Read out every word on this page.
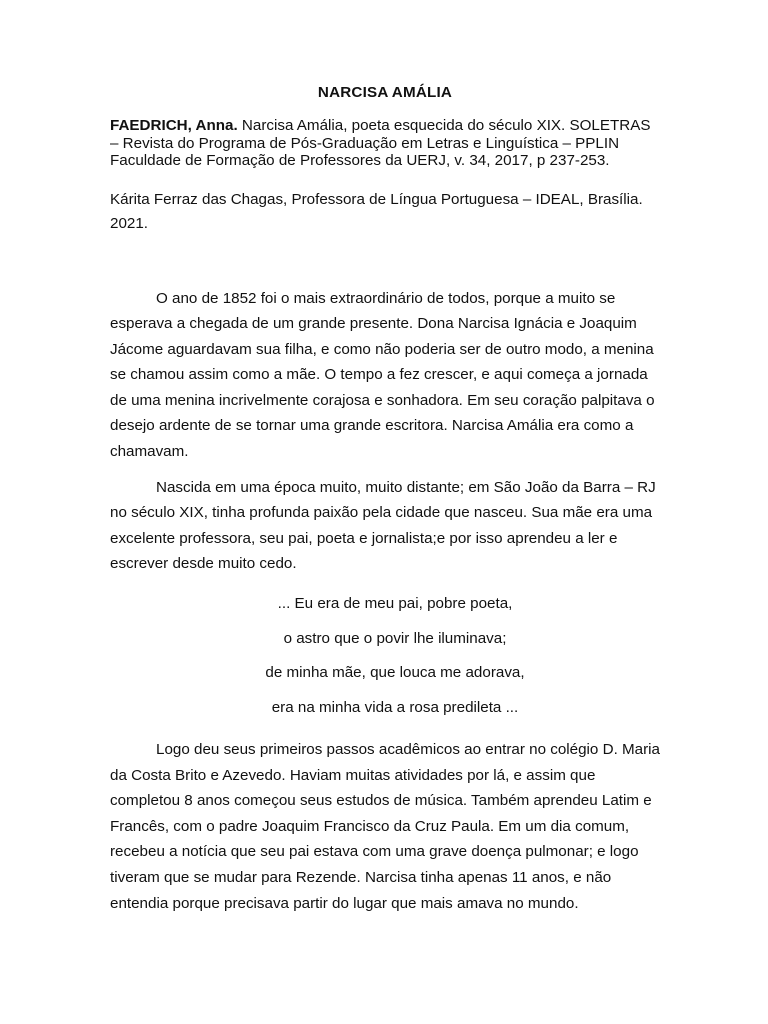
NARCISA AMÁLIA
FAEDRICH, Anna. Narcisa Amália, poeta esquecida do século XIX. SOLETRAS – Revista do Programa de Pós-Graduação em Letras e Linguística – PPLIN Faculdade de Formação de Professores da UERJ, v. 34, 2017, p 237-253.
Kárita Ferraz das Chagas, Professora de Língua Portuguesa – IDEAL, Brasília.
2021.

O ano de 1852 foi o mais extraordinário de todos, porque a muito se esperava a chegada de um grande presente. Dona Narcisa Ignácia e Joaquim Jácome aguardavam sua filha, e como não poderia ser de outro modo, a menina se chamou assim como a mãe. O tempo a fez crescer, e aqui começa a jornada de uma menina incrivelmente corajosa e sonhadora. Em seu coração palpitava o desejo ardente de se tornar uma grande escritora. Narcisa Amália era como a chamavam.

Nascida em uma época muito, muito distante; em São João da Barra – RJ no século XIX, tinha profunda paixão pela cidade que nasceu. Sua mãe era uma excelente professora, seu pai, poeta e jornalista;e por isso aprendeu a ler e escrever desde muito cedo.

... Eu era de meu pai, pobre poeta,
o astro que o povir lhe iluminava;
de minha mãe, que louca me adorava,
era na minha vida a rosa predileta ...

Logo deu seus primeiros passos acadêmicos ao entrar no colégio D. Maria da Costa Brito e Azevedo. Haviam muitas atividades por lá, e assim que completou 8 anos começou seus estudos de música. Também aprendeu Latim e Francês, com o padre Joaquim Francisco da Cruz Paula. Em um dia comum, recebeu a notícia que seu pai estava com uma grave doença pulmonar; e logo tiveram que se mudar para Rezende. Narcisa tinha apenas 11 anos, e não entendia porque precisava partir do lugar que mais amava no mundo.
